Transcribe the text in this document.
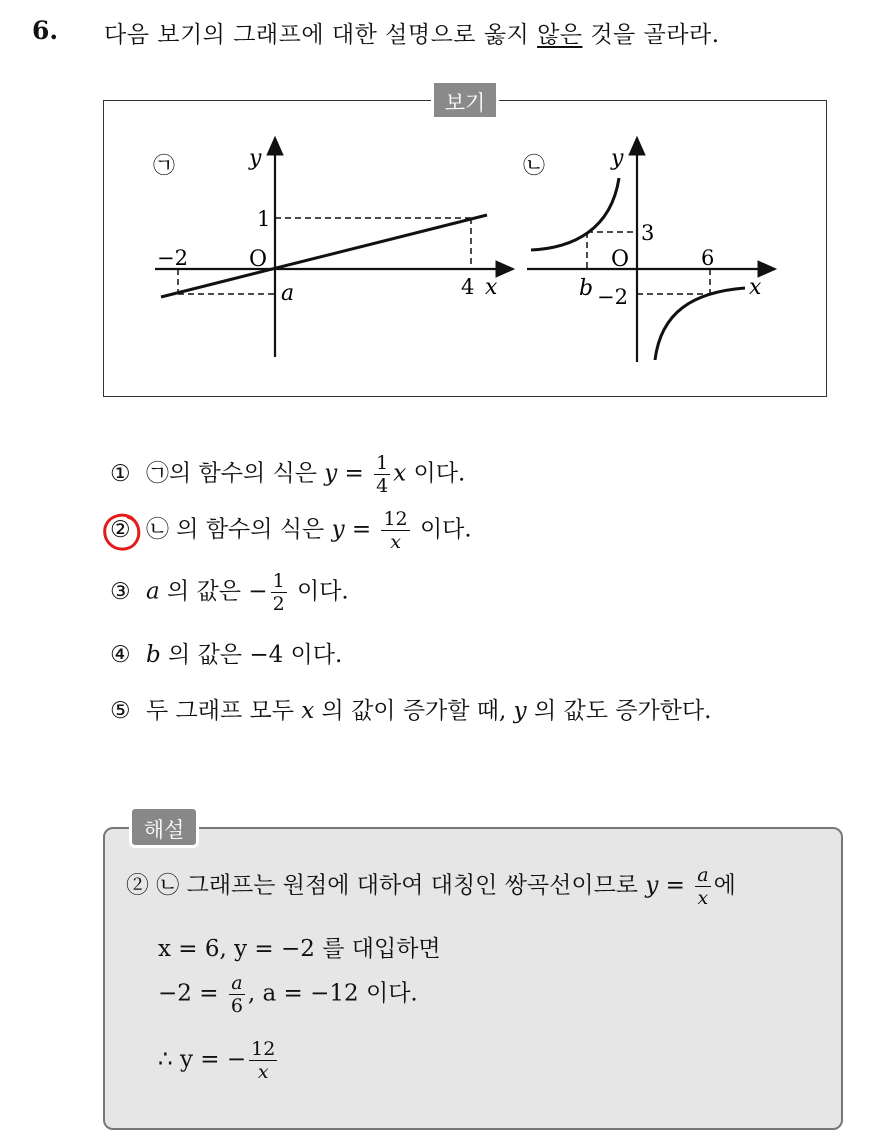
6. 다음 보기의 그래프에 대한 설명으로 옳지 않은 것을 골라라.
보기
㉠	y
x
O
−2
4
1
a
㉡	y
x
O	6
3
b −2
① ㉠의 함수의 식은 $y = \frac{1}{4}$ x 이다.
② ㉡ 의 함수의 식은 $y = \frac{12}{x}$ 이다.
③ a 의 값은 − $\frac{1}{2}$ 이다.
④ b 의 값은 −4 이다.
⑤ 두 그래프 모두 x 의 값이 증가할 때, y 의 값도 증가한다.
해설
② ㉡ 그래프는 원점에 대하여 대칭인 쌍곡선이므로 $y = \frac{a}{x}$ 에
x = 6, y = −2 를 대입하면
$-2 = \frac{a}{6}$ , a = −12 이다.
∴ y = − $\frac{12}{x}$
